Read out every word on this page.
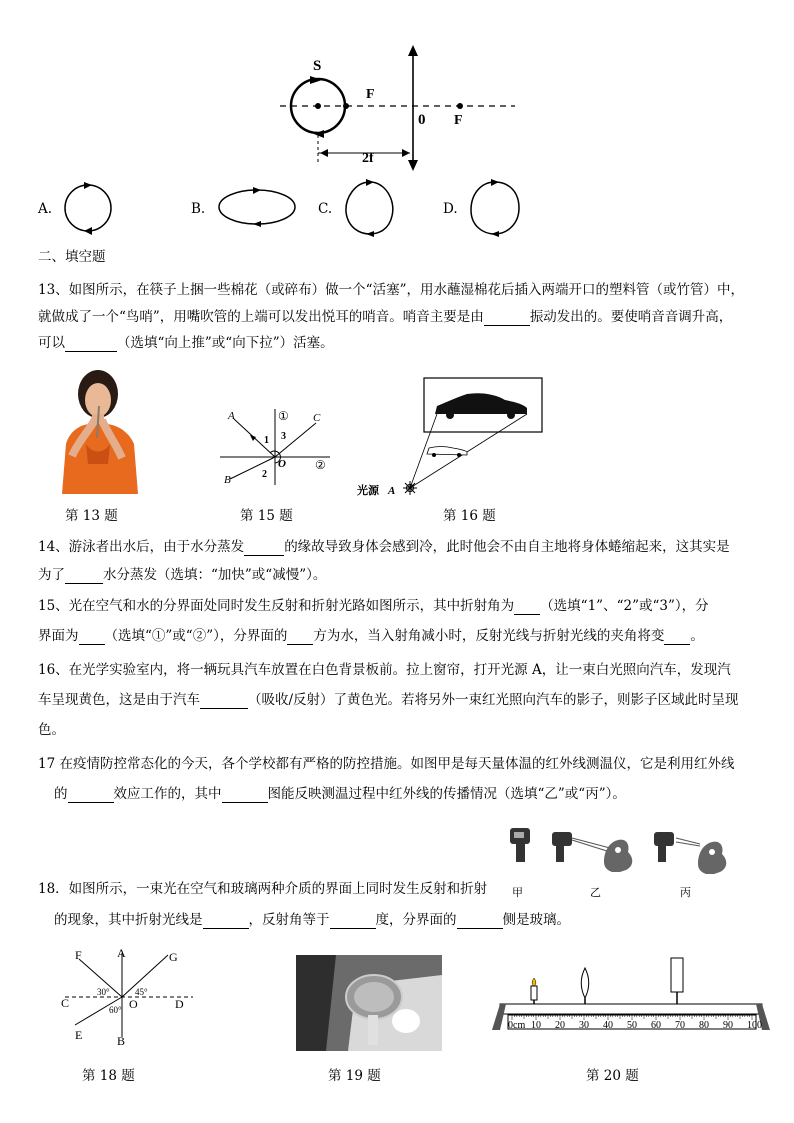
S
F
0 F
2f
A.	B.	C.	D.
二、填空题
13、如图所示，在筷子上捆一些棉花（或碎布）做一个“活塞”，用水蘸湿棉花后插入两端开口的塑料管（或竹管）中，
就做成了一个“鸟哨”，用嘴吹管的上端可以发出悦耳的哨音。哨音主要是由	振动发出的。要使哨音音调升高，
可以	（选填“向上推”或“向下拉”）活塞。
A	C
B
O
1 3
2
①
②
光源 A
第 13 题	第 15 题	第 16 题
14、游泳者出水后，由于水分蒸发	的缘故导致身体会感到冷，此时他会不由自主地将身体蜷缩起来，这其实是
为了	水分蒸发（选填：“加快”或“减慢”）。
15、光在空气和水的分界面处同时发生反射和折射光路如图所示，其中折射角为 （选填“1”、“2”或“3”），分
界面为 （选填“①”或“②”），分界面的 方为水，当入射角减小时，反射光线与折射光线的夹角将变 。
16、在光学实验室内，将一辆玩具汽车放置在白色背景板前。拉上窗帘，打开光源 A，让一束白光照向汽车，发现汽
车呈现黄色，这是由于汽车	（吸收/反射）了黄色光。若将另外一束红光照向汽车的影子，则影子区域此时呈现
色。
17 在疫情防控常态化的今天，各个学校都有严格的防控措施。如图甲是每天量体温的红外线测温仪，它是利用红外线
的	效应工作的，其中	图能反映测温过程中红外线的传播情况（选填“乙”或“丙”）。
甲	乙	丙
18．如图所示，一束光在空气和玻璃两种介质的界面上同时发生反射和折射
的现象，其中折射光线是	，反射角等于	度，分界面的	侧是玻璃。
F	A	G
C	O	D
E	B
30°	45°
60°
0cm 10 20 30 40 50 60 70 80 90 100
第 18 题	第 19 题	第 20 题
